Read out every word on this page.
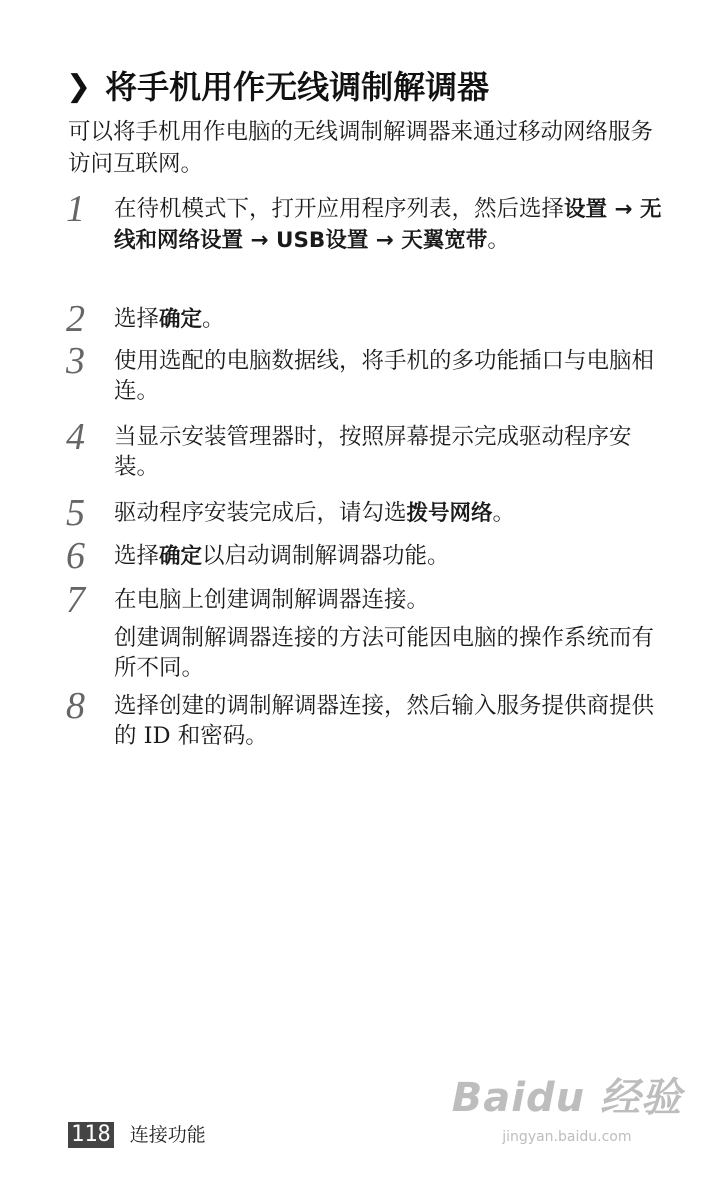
❯ 将手机用作无线调制解调器
可以将手机用作电脑的无线调制解调器来通过移动网络服务访问互联网。
1 在待机模式下，打开应用程序列表，然后选择设置 → 无线和网络设置 → USB设置 → 天翼宽带。
2 选择确定。
3 使用选配的电脑数据线，将手机的多功能插口与电脑相连。
4 当显示安装管理器时，按照屏幕提示完成驱动程序安装。
5 驱动程序安装完成后，请勾选拨号网络。
6 选择确定以启动调制解调器功能。
7 在电脑上创建调制解调器连接。
创建调制解调器连接的方法可能因电脑的操作系统而有所不同。
8 选择创建的调制解调器连接，然后输入服务提供商提供的 ID 和密码。
118 连接功能
Baidu 经验
jingyan.baidu.com
